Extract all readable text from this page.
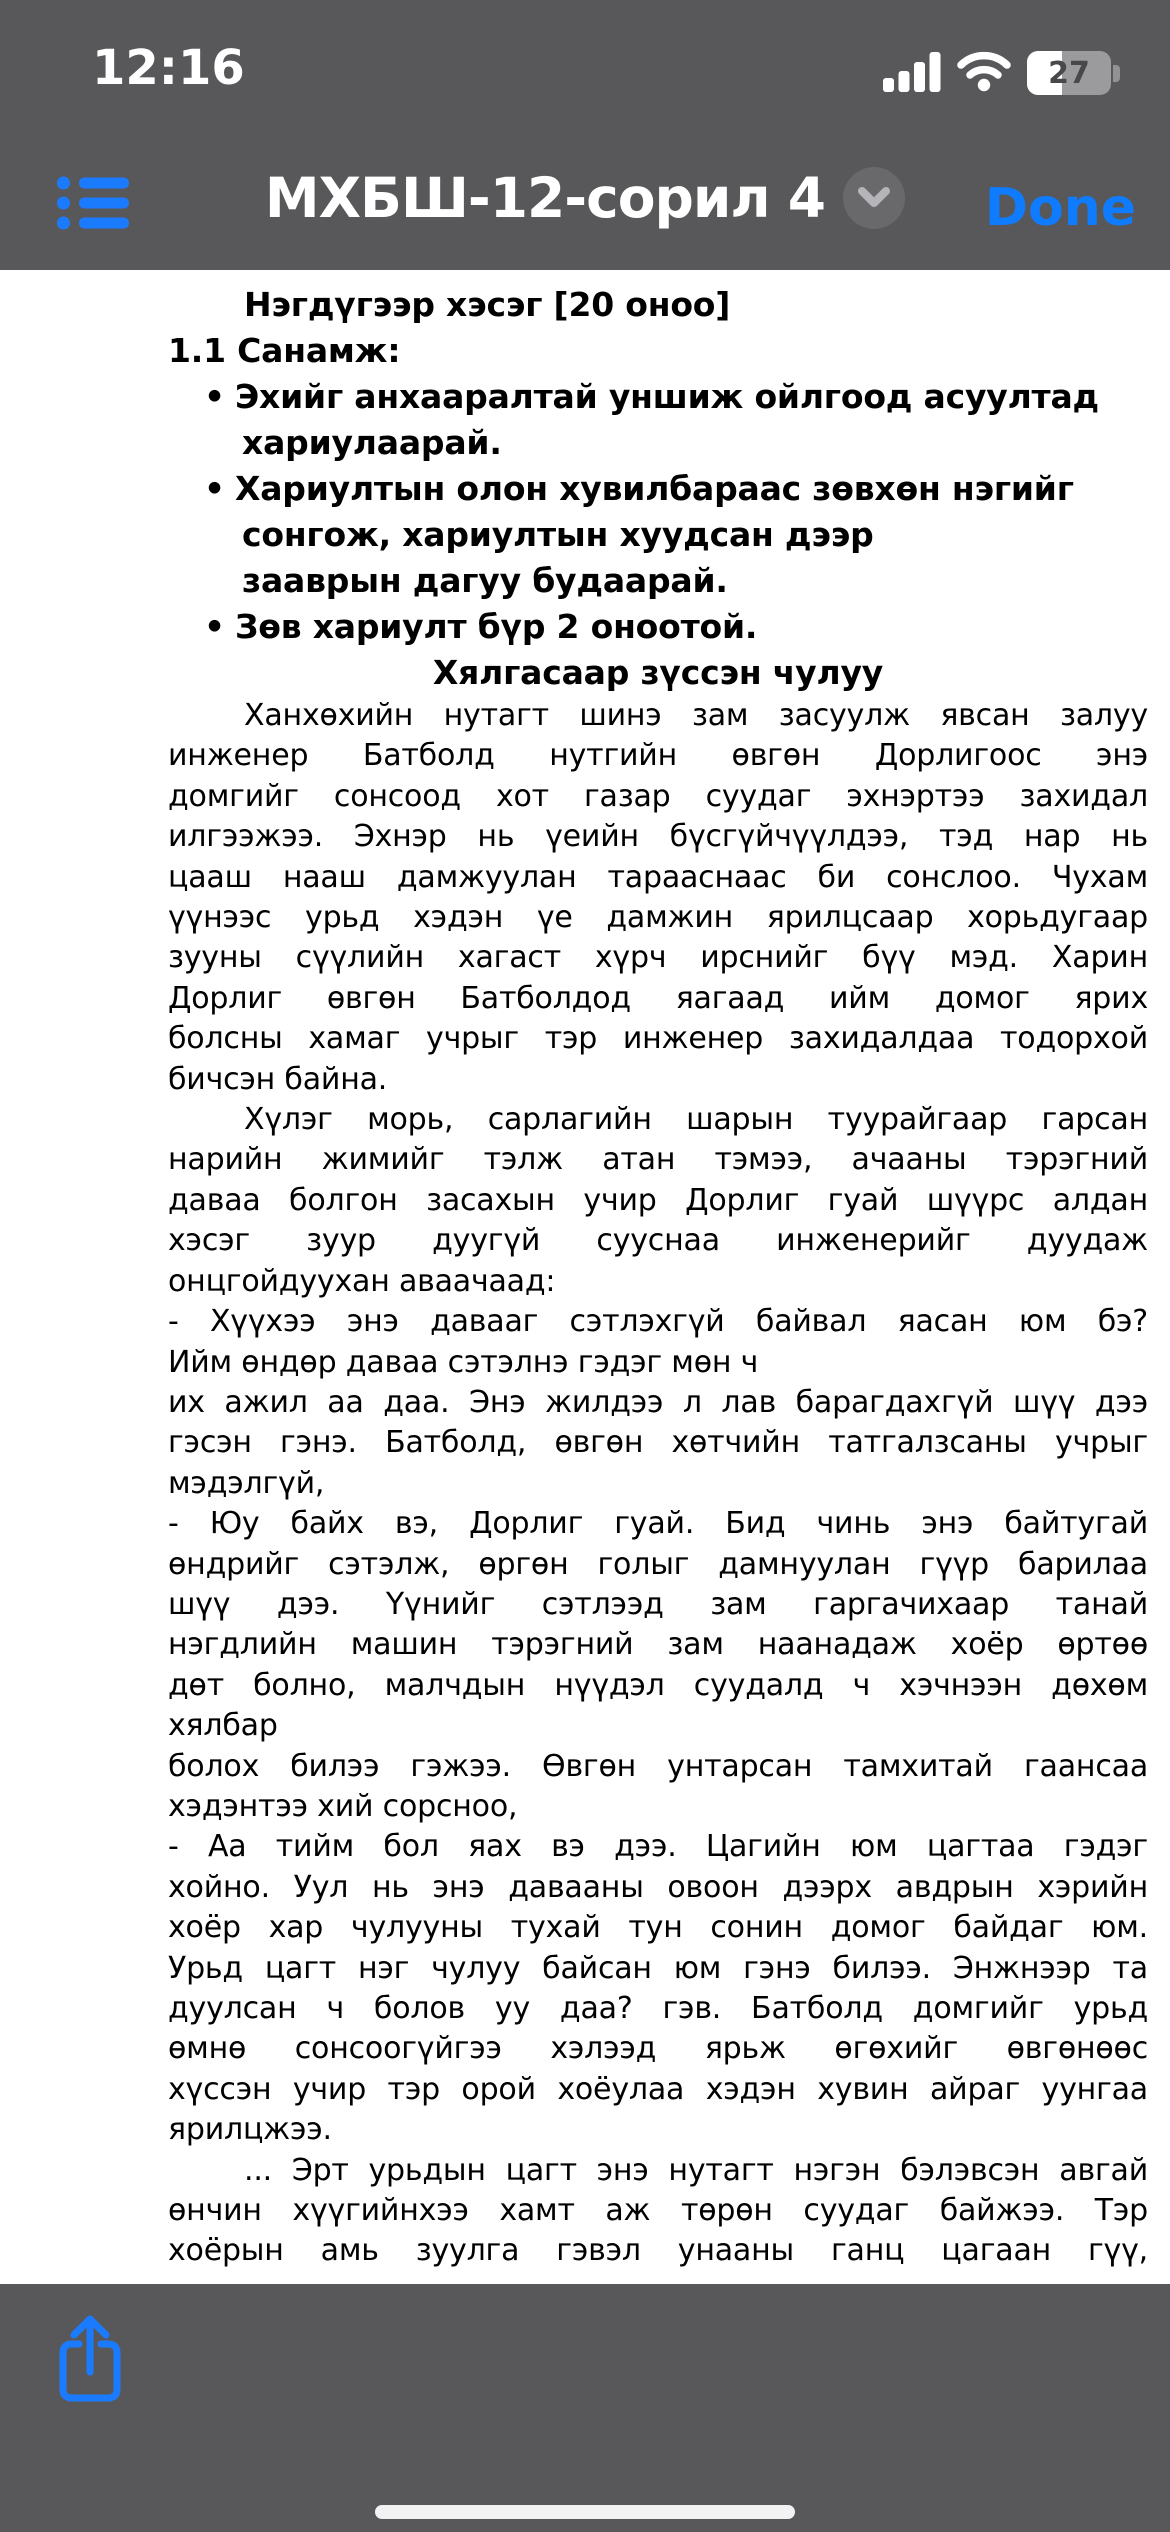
12:16	27
МХБШ-12-сорил 4	Done
Нэгдүгээр хэсэг [20 оноо]
1.1 Санамж:
• Эхийг анхааралтай уншиж ойлгоод асуултад
хариулаарай.
• Хариултын олон хувилбараас зөвхөн нэгийг
сонгож, хариултын хуудсан дээр
зааврын дагуу будаарай.
• Зөв хариулт бүр 2 оноотой.
Хялгасаар зүссэн чулуу
Ханхөхийн нутагт шинэ зам засуулж явсан залуу
инженер Батболд нутгийн өвгөн Дорлигоос энэ
домгийг сонсоод хот газар суудаг эхнэртээ захидал
илгээжээ. Эхнэр нь үеийн бүсгүйчүүлдээ, тэд нар нь
цааш нааш дамжуулан тарааснаас би сонслоо. Чухам
үүнээс урьд хэдэн үе дамжин ярилцсаар хорьдугаар
зууны сүүлийн хагаст хүрч ирснийг бүү мэд. Харин
Дорлиг өвгөн Батболдод яагаад ийм домог ярих
болсны хамаг учрыг тэр инженер захидалдаа тодорхой
бичсэн байна.
Хүлэг морь, сарлагийн шарын туурайгаар гарсан
нарийн жимийг тэлж атан тэмээ, ачааны тэрэгний
даваа болгон засахын учир Дорлиг гуай шүүрс алдан
хэсэг зуур дуугүй сууснаа инженерийг дуудаж
онцгойдуухан аваачаад:
- Хүүхээ энэ давааг сэтлэхгүй байвал яасан юм бэ?
Ийм өндөр даваа сэтэлнэ гэдэг мөн ч
их ажил аа даа. Энэ жилдээ л лав барагдахгүй шүү дээ
гэсэн гэнэ. Батболд, өвгөн хөтчийн татгалзсаны учрыг
мэдэлгүй,
- Юу байх вэ, Дорлиг гуай. Бид чинь энэ байтугай
өндрийг сэтэлж, өргөн голыг дамнуулан гүүр барилаа
шүү дээ. Үүнийг сэтлээд зам гаргачихаар танай
нэгдлийн машин тэрэгний зам наанадаж хоёр өртөө
дөт болно, малчдын нүүдэл суудалд ч хэчнээн дөхөм
хялбар
болох билээ гэжээ. Өвгөн унтарсан тамхитай гаансаа
хэдэнтээ хий сорсноо,
- Аа тийм бол яах вэ дээ. Цагийн юм цагтаа гэдэг
хойно. Уул нь энэ давааны овоон дээрх авдрын хэрийн
хоёр хар чулууны тухай тун сонин домог байдаг юм.
Урьд цагт нэг чулуу байсан юм гэнэ билээ. Энжнээр та
дуулсан ч болов уу даа? гэв. Батболд домгийг урьд
өмнө сонсоогүйгээ хэлээд ярьж өгөхийг өвгөнөөс
хүссэн учир тэр орой хоёулаа хэдэн хувин айраг уунгаа
ярилцжээ.
... Эрт урьдын цагт энэ нутагт нэгэн бэлэвсэн авгай
өнчин хүүгийнхээ хамт аж төрөн суудаг байжээ. Тэр
хоёрын амь зуулга гэвэл унааны ганц цагаан гүү,
